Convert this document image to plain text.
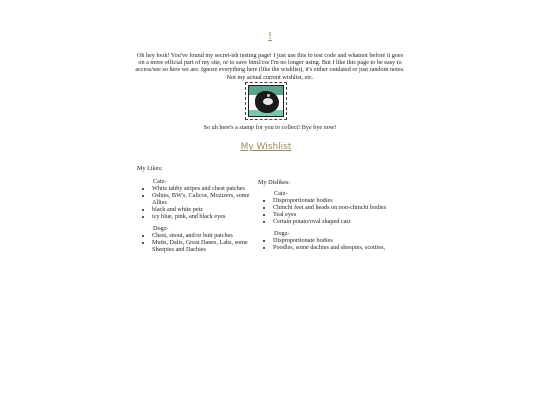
!
Oh hey look! You've found my secret-ish testing page! I just use this to test code and whatnot before it goes on a more official part of my site, or to save html/css I'm no longer using. But I like this page to be easy to access/see so here we are. Ignore everything here (like the wishlist), it's either outdated or just random notes. Not my actual current wishlist, etc.
So uh here's a stamp for you to collect! Bye bye now!
My Wishlist
My Likes:
Catz-
• White tabby stripes and chest patches
• Oshies, BW's, Calicos, Mozizers, some Allies
• black and white petz
• icy blue, pink, and black eyes
Dogz-
• Chest, snout, and/or butt patches
• Mutts, Dalis, Great Danes, Labs, some Sheepies and Dachies
My Dislikes:
Catz-
• Disproportionate bodies
• Chinchi feet and heads on non-chinchi bodies
• Teal eyes
• Certain potato/oval shaped catz
Dogz-
• Disproportionate bodies
• Poodles, some dachies and sheepies, scotties,
